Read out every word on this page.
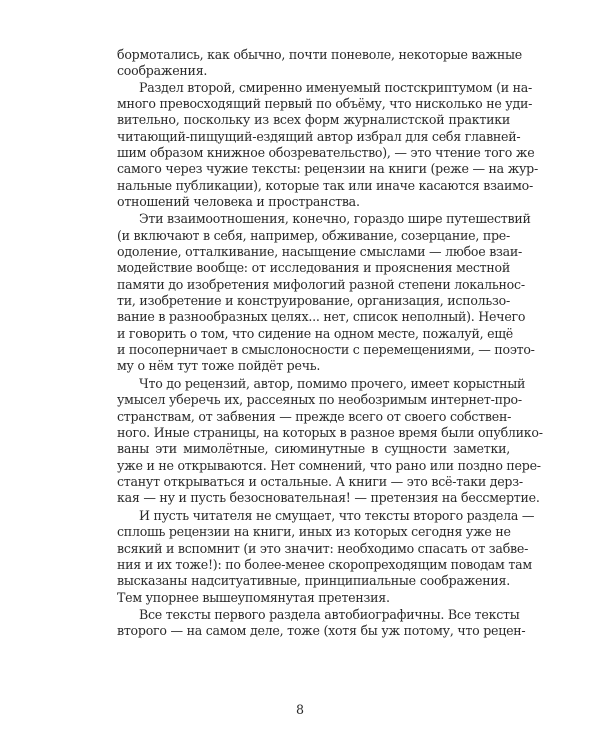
бормотались, как обычно, почти поневоле, некоторые важные
соображения.
Раздел второй, смиренно именуемый постскриптумом (и на-
много превосходящий первый по объёму, что нисколько не уди-
вительно, поскольку из всех форм журналистской практики
читающий-пищущий-ездящий автор избрал для себя главней-
шим образом книжное обозревательство), — это чтение того же
самого через чужие тексты: рецензии на книги (реже — на жур-
нальные публикации), которые так или иначе касаются взаимо-
отношений человека и пространства.
Эти взаимоотношения, конечно, гораздо шире путешествий
(и включают в себя, например, обживание, созерцание, пре-
одоление, отталкивание, насыщение смыслами — любое взаи-
модействие вообще: от исследования и прояснения местной
памяти до изобретения мифологий разной степени локальнос-
ти, изобретение и конструирование, организация, использо-
вание в разнообразных целях... нет, список неполный). Нечего
и говорить о том, что сидение на одном месте, пожалуй, ещё
и посоперничает в смыслоносности с перемещениями, — поэто-
му о нём тут тоже пойдёт речь.
Что до рецензий, автор, помимо прочего, имеет корыстный
умысел уберечь их, рассеяных по необозримым интернет-про-
странствам, от забвения — прежде всего от своего собствен-
ного. Иные страницы, на которых в разное время были опублико-
ваны эти мимолётные, сиюминутные в сущности заметки,
уже и не открываются. Нет сомнений, что рано или поздно пере-
станут открываться и остальные. А книги — это всё-таки дерз-
кая — ну и пусть безосновательная! — претензия на бессмертие.
И пусть читателя не смущает, что тексты второго раздела —
сплошь рецензии на книги, иных из которых сегодня уже не
всякий и вспомнит (и это значит: необходимо спасать от забве-
ния и их тоже!): по более-менее скоропреходящим поводам там
высказаны надситуативные, принципиальные соображения.
Тем упорнее вышеупомянутая претензия.
Все тексты первого раздела автобиографичны. Все тексты
второго — на самом деле, тоже (хотя бы уж потому, что рецен-
8
